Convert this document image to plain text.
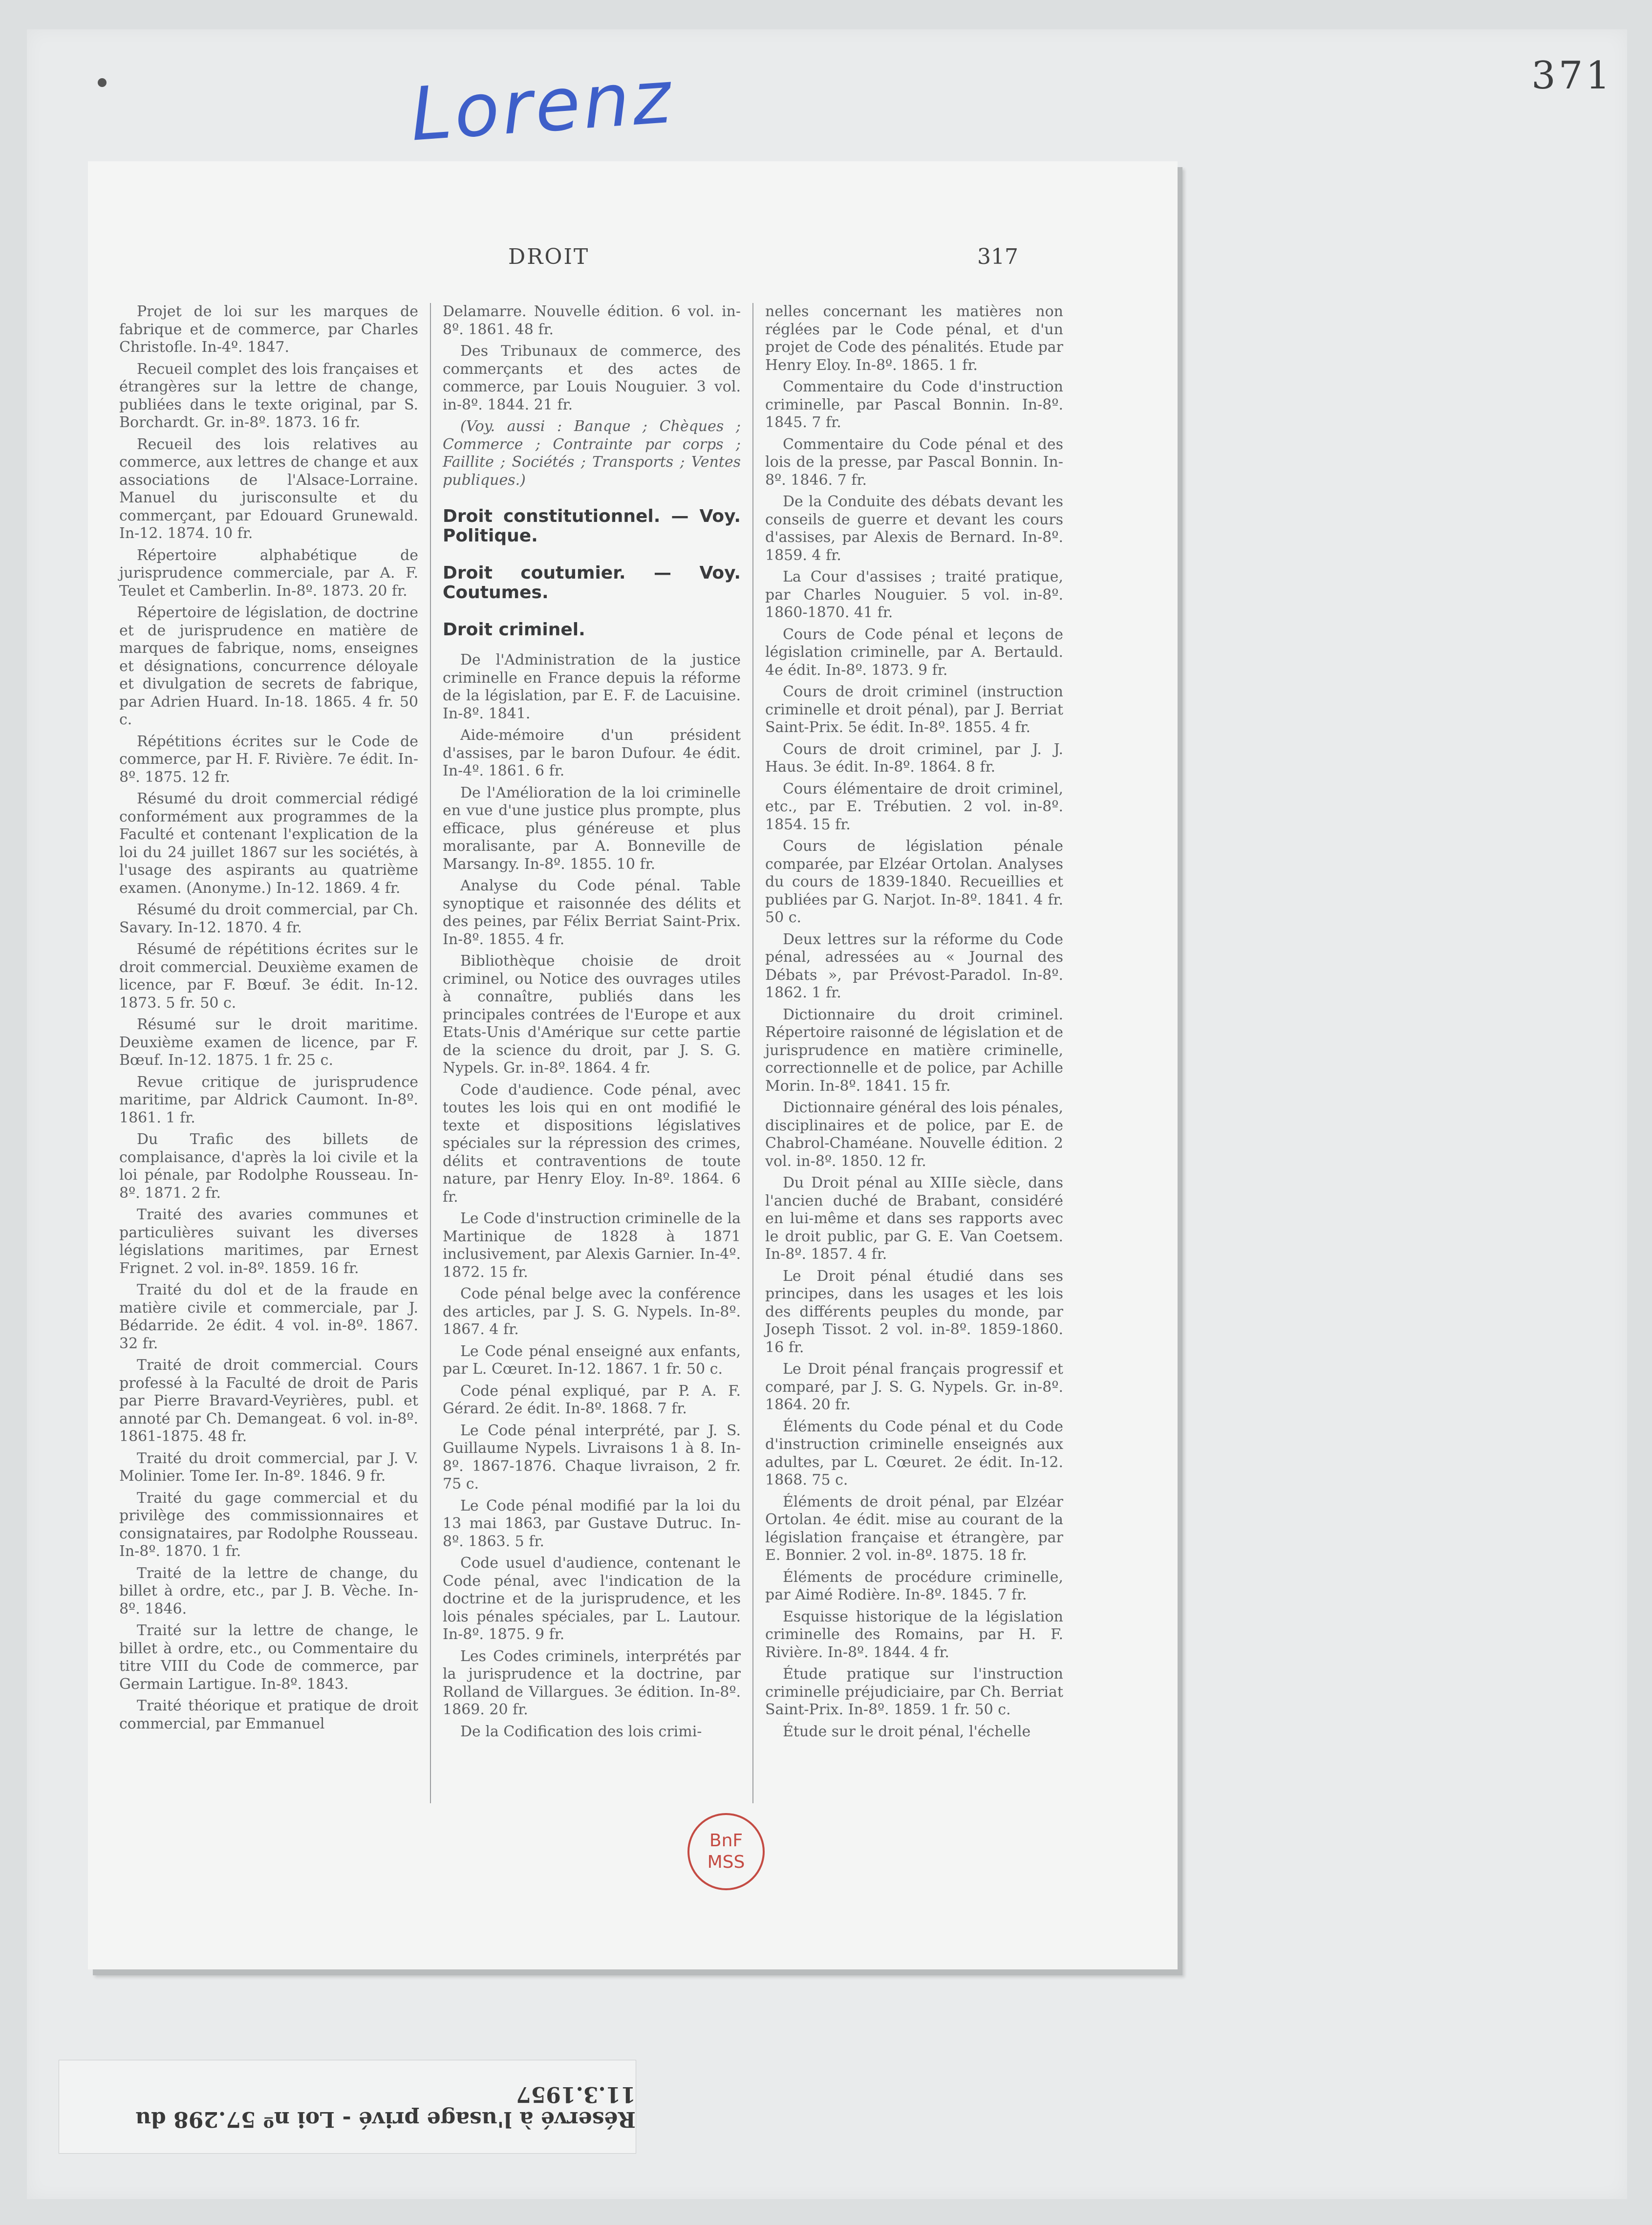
Lorenz	371
DROIT	317

Projet de loi sur les marques de fabrique et de commerce, par Charles Christofle. In-4º. 1847.

Recueil complet des lois françaises et étrangères sur la lettre de change, publiées dans le texte original, par S. Borchardt. Gr. in-8º. 1873. 16 fr.

Recueil des lois relatives au commerce, aux lettres de change et aux associations de l'Alsace-Lorraine. Manuel du jurisconsulte et du commerçant, par Edouard Grunewald. In-12. 1874. 10 fr.

Répertoire alphabétique de jurisprudence commerciale, par A. F. Teulet et Camberlin. In-8º. 1873. 20 fr.

Répertoire de législation, de doctrine et de jurisprudence en matière de marques de fabrique, noms, enseignes et désignations, concurrence déloyale et divulgation de secrets de fabrique, par Adrien Huard. In-18. 1865. 4 fr. 50 c.

Répétitions écrites sur le Code de commerce, par H. F. Rivière. 7e édit. In-8º. 1875. 12 fr.

Résumé du droit commercial rédigé conformément aux programmes de la Faculté et contenant l'explication de la loi du 24 juillet 1867 sur les sociétés, à l'usage des aspirants au quatrième examen. (Anonyme.) In-12. 1869. 4 fr.

Résumé du droit commercial, par Ch. Savary. In-12. 1870. 4 fr.

Résumé de répétitions écrites sur le droit commercial. Deuxième examen de licence, par F. Bœuf. 3e édit. In-12. 1873. 5 fr. 50 c.

Résumé sur le droit maritime. Deuxième examen de licence, par F. Bœuf. In-12. 1875. 1 fr. 25 c.

Revue critique de jurisprudence maritime, par Aldrick Caumont. In-8º. 1861. 1 fr.

Du Trafic des billets de complaisance, d'après la loi civile et la loi pénale, par Rodolphe Rousseau. In-8º. 1871. 2 fr.

Traité des avaries communes et particulières suivant les diverses législations maritimes, par Ernest Frignet. 2 vol. in-8º. 1859. 16 fr.

Traité du dol et de la fraude en matière civile et commerciale, par J. Bédarride. 2e édit. 4 vol. in-8º. 1867. 32 fr.

Traité de droit commercial. Cours professé à la Faculté de droit de Paris par Pierre Bravard-Veyrières, publ. et annoté par Ch. Demangeat. 6 vol. in-8º. 1861-1875. 48 fr.

Traité du droit commercial, par J. V. Molinier. Tome Ier. In-8º. 1846. 9 fr.

Traité du gage commercial et du privilège des commissionnaires et consignataires, par Rodolphe Rousseau. In-8º. 1870. 1 fr.

Traité de la lettre de change, du billet à ordre, etc., par J. B. Vèche. In-8º. 1846.

Traité sur la lettre de change, le billet à ordre, etc., ou Commentaire du titre VIII du Code de commerce, par Germain Lartigue. In-8º. 1843.

Traité théorique et pratique de droit commercial, par Emmanuel

Delamarre. Nouvelle édition. 6 vol. in-8º. 1861. 48 fr.

Des Tribunaux de commerce, des commerçants et des actes de commerce, par Louis Nouguier. 3 vol. in-8º. 1844. 21 fr.

(Voy. aussi : Banque ; Chèques ; Commerce ; Contrainte par corps ; Faillite ; Sociétés ; Transports ; Ventes publiques.)

Droit constitutionnel. — Voy. Politique.
Droit coutumier. — Voy. Coutumes.
Droit criminel.

De l'Administration de la justice criminelle en France depuis la réforme de la législation, par E. F. de Lacuisine. In-8º. 1841.

Aide-mémoire d'un président d'assises, par le baron Dufour. 4e édit. In-4º. 1861. 6 fr.

De l'Amélioration de la loi criminelle en vue d'une justice plus prompte, plus efficace, plus généreuse et plus moralisante, par A. Bonneville de Marsangy. In-8º. 1855. 10 fr.

Analyse du Code pénal. Table synoptique et raisonnée des délits et des peines, par Félix Berriat Saint-Prix. In-8º. 1855. 4 fr.

Bibliothèque choisie de droit criminel, ou Notice des ouvrages utiles à connaître, publiés dans les principales contrées de l'Europe et aux Etats-Unis d'Amérique sur cette partie de la science du droit, par J. S. G. Nypels. Gr. in-8º. 1864. 4 fr.

Code d'audience. Code pénal, avec toutes les lois qui en ont modifié le texte et dispositions législatives spéciales sur la répression des crimes, délits et contraventions de toute nature, par Henry Eloy. In-8º. 1864. 6 fr.

Le Code d'instruction criminelle de la Martinique de 1828 à 1871 inclusivement, par Alexis Garnier. In-4º. 1872. 15 fr.

Code pénal belge avec la conférence des articles, par J. S. G. Nypels. In-8º. 1867. 4 fr.

Le Code pénal enseigné aux enfants, par L. Cœuret. In-12. 1867. 1 fr. 50 c.

Code pénal expliqué, par P. A. F. Gérard. 2e édit. In-8º. 1868. 7 fr.

Le Code pénal interprété, par J. S. Guillaume Nypels. Livraisons 1 à 8. In-8º. 1867-1876. Chaque livraison, 2 fr. 75 c.

Le Code pénal modifié par la loi du 13 mai 1863, par Gustave Dutruc. In-8º. 1863. 5 fr.

Code usuel d'audience, contenant le Code pénal, avec l'indication de la doctrine et de la jurisprudence, et les lois pénales spéciales, par L. Lautour. In-8º. 1875. 9 fr.

Les Codes criminels, interprétés par la jurisprudence et la doctrine, par Rolland de Villargues. 3e édition. In-8º. 1869. 20 fr.

De la Codification des lois crimi-

nelles concernant les matières non réglées par le Code pénal, et d'un projet de Code des pénalités. Etude par Henry Eloy. In-8º. 1865. 1 fr.

Commentaire du Code d'instruction criminelle, par Pascal Bonnin. In-8º. 1845. 7 fr.

Commentaire du Code pénal et des lois de la presse, par Pascal Bonnin. In-8º. 1846. 7 fr.

De la Conduite des débats devant les conseils de guerre et devant les cours d'assises, par Alexis de Bernard. In-8º. 1859. 4 fr.

La Cour d'assises ; traité pratique, par Charles Nouguier. 5 vol. in-8º. 1860-1870. 41 fr.

Cours de Code pénal et leçons de législation criminelle, par A. Bertauld. 4e édit. In-8º. 1873. 9 fr.

Cours de droit criminel (instruction criminelle et droit pénal), par J. Berriat Saint-Prix. 5e édit. In-8º. 1855. 4 fr.

Cours de droit criminel, par J. J. Haus. 3e édit. In-8º. 1864. 8 fr.

Cours élémentaire de droit criminel, etc., par E. Trébutien. 2 vol. in-8º. 1854. 15 fr.

Cours de législation pénale comparée, par Elzéar Ortolan. Analyses du cours de 1839-1840. Recueillies et publiées par G. Narjot. In-8º. 1841. 4 fr. 50 c.

Deux lettres sur la réforme du Code pénal, adressées au « Journal des Débats », par Prévost-Paradol. In-8º. 1862. 1 fr.

Dictionnaire du droit criminel. Répertoire raisonné de législation et de jurisprudence en matière criminelle, correctionnelle et de police, par Achille Morin. In-8º. 1841. 15 fr.

Dictionnaire général des lois pénales, disciplinaires et de police, par E. de Chabrol-Chaméane. Nouvelle édition. 2 vol. in-8º. 1850. 12 fr.

Du Droit pénal au XIIIe siècle, dans l'ancien duché de Brabant, considéré en lui-même et dans ses rapports avec le droit public, par G. E. Van Coetsem. In-8º. 1857. 4 fr.

Le Droit pénal étudié dans ses principes, dans les usages et les lois des différents peuples du monde, par Joseph Tissot. 2 vol. in-8º. 1859-1860. 16 fr.

Le Droit pénal français progressif et comparé, par J. S. G. Nypels. Gr. in-8º. 1864. 20 fr.

Éléments du Code pénal et du Code d'instruction criminelle enseignés aux adultes, par L. Cœuret. 2e édit. In-12. 1868. 75 c.

Éléments de droit pénal, par Elzéar Ortolan. 4e édit. mise au courant de la législation française et étrangère, par E. Bonnier. 2 vol. in-8º. 1875. 18 fr.

Éléments de procédure criminelle, par Aimé Rodière. In-8º. 1845. 7 fr.

Esquisse historique de la législation criminelle des Romains, par H. F. Rivière. In-8º. 1844. 4 fr.

Étude pratique sur l'instruction criminelle préjudiciaire, par Ch. Berriat Saint-Prix. In-8º. 1859. 1 fr. 50 c.

Étude sur le droit pénal, l'échelle

BnF
MSS
Réservé à l'usage privé - Loi nº 57.298 du 11.3.1957
